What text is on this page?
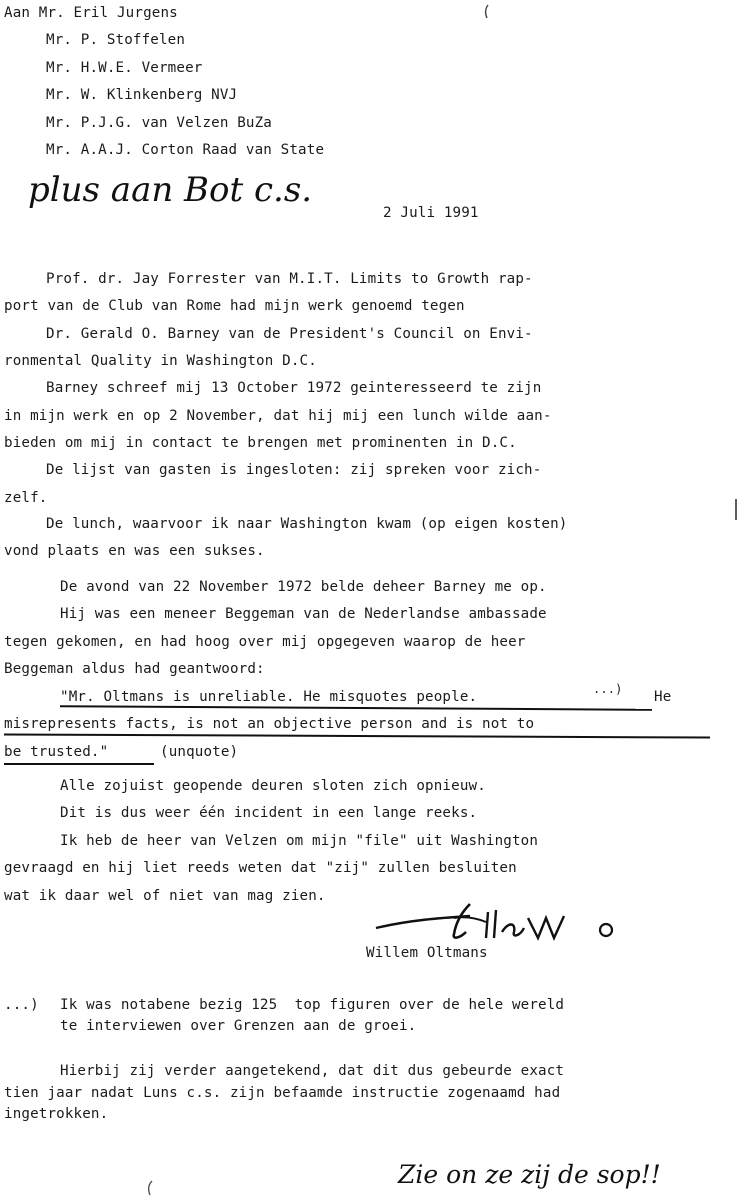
Aan Mr. Eril Jurgens
Mr. P. Stoffelen
Mr. H.W.E. Vermeer
Mr. W. Klinkenberg NVJ
Mr. P.J.G. van Velzen BuZa
Mr. A.A.J. Corton Raad van State
plus aan Bot c.s.
2 Juli 1991
Prof. dr. Jay Forrester van M.I.T. Limits to Growth rap-
port van de Club van Rome had mijn werk genoemd tegen
Dr. Gerald O. Barney van de President's Council on Envi-
ronmental Quality in Washington D.C.
Barney schreef mij 13 October 1972 geinteresseerd te zijn
in mijn werk en op 2 November, dat hij mij een lunch wilde aan-
bieden om mij in contact te brengen met prominenten in D.C.
De lijst van gasten is ingesloten: zij spreken voor zich-
zelf.
De lunch, waarvoor ik naar Washington kwam (op eigen kosten)
vond plaats en was een sukses.
De avond van 22 November 1972 belde deheer Barney me op.
Hij was een meneer Beggeman van de Nederlandse ambassade
tegen gekomen, en had hoog over mij opgegeven waarop de heer
Beggeman aldus had geantwoord:
"Mr. Oltmans is unreliable. He misquotes people.	...) He
misrepresents facts, is not an objective person and is not to
be trusted."	(unquote)
Alle zojuist geopende deuren sloten zich opnieuw.
Dit is dus weer één incident in een lange reeks.
Ik heb de heer van Velzen om mijn "file" uit Washington
gevraagd en hij liet reeds weten dat "zij" zullen besluiten
wat ik daar wel of niet van mag zien.
Willem Oltmans
...) Ik was notabene bezig 125  top figuren over de hele wereld
te interviewen over Grenzen aan de groei.
Hierbij zij verder aangetekend, dat dit dus gebeurde exact
tien jaar nadat Luns c.s. zijn befaamde instructie zogenaamd had
ingetrokken.
Zie on ze zij de sop!!
